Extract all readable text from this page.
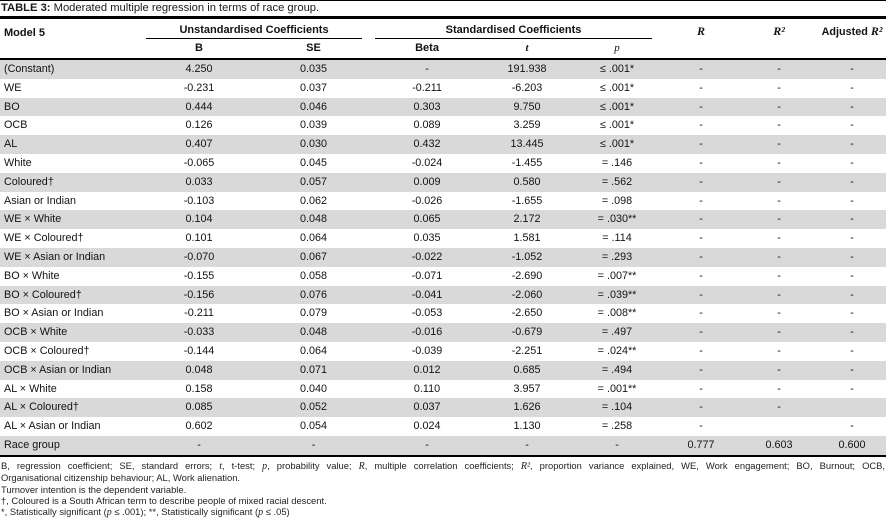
TABLE 3: Moderated multiple regression in terms of race group.
Model 5	Unstandardised Coefficients		Standardised Coefficients			R	R²	Adjusted R²
	B	SE	Beta	t	p			
(Constant)	4.250	0.035	-	191.938	≤ .001*	-	-	-
WE	-0.231	0.037	-0.211	-6.203	≤ .001*	-	-	-
BO	0.444	0.046	0.303	9.750	≤ .001*	-	-	-
OCB	0.126	0.039	0.089	3.259	≤ .001*	-	-	-
AL	0.407	0.030	0.432	13.445	≤ .001*	-	-	-
White	-0.065	0.045	-0.024	-1.455	= .146	-	-	-
Coloured†	0.033	0.057	0.009	0.580	= .562	-	-	-
Asian or Indian	-0.103	0.062	-0.026	-1.655	= .098	-	-	-
WE × White	0.104	0.048	0.065	2.172	= .030**	-	-	-
WE × Coloured†	0.101	0.064	0.035	1.581	= .114	-	-	-
WE × Asian or Indian	-0.070	0.067	-0.022	-1.052	= .293	-	-	-
BO × White	-0.155	0.058	-0.071	-2.690	= .007**	-	-	-
BO × Coloured†	-0.156	0.076	-0.041	-2.060	= .039**	-	-	-
BO × Asian or Indian	-0.211	0.079	-0.053	-2.650	= .008**	-	-	-
OCB × White	-0.033	0.048	-0.016	-0.679	= .497	-	-	-
OCB × Coloured†	-0.144	0.064	-0.039	-2.251	= .024**	-	-	-
OCB × Asian or Indian	0.048	0.071	0.012	0.685	= .494	-	-	-
AL × White	0.158	0.040	0.110	3.957	= .001**	-	-	-
AL × Coloured†	0.085	0.052	0.037	1.626	= .104	-	-	
AL × Asian or Indian	0.602	0.054	0.024	1.130	= .258	-		-
Race group	-	-	-	-	-	0.777	0.603	0.600

B, regression coefficient; SE, standard errors; t, t-test; p, probability value; R, multiple correlation coefficients; R², proportion variance explained, WE, Work engagement; BO, Burnout; OCB,

Organisational citizenship behaviour; AL, Work alienation.

Turnover intention is the dependent variable.

†, Coloured is a South African term to describe people of mixed racial descent.

*, Statistically significant (p ≤ .001); **, Statistically significant (p ≤ .05)
